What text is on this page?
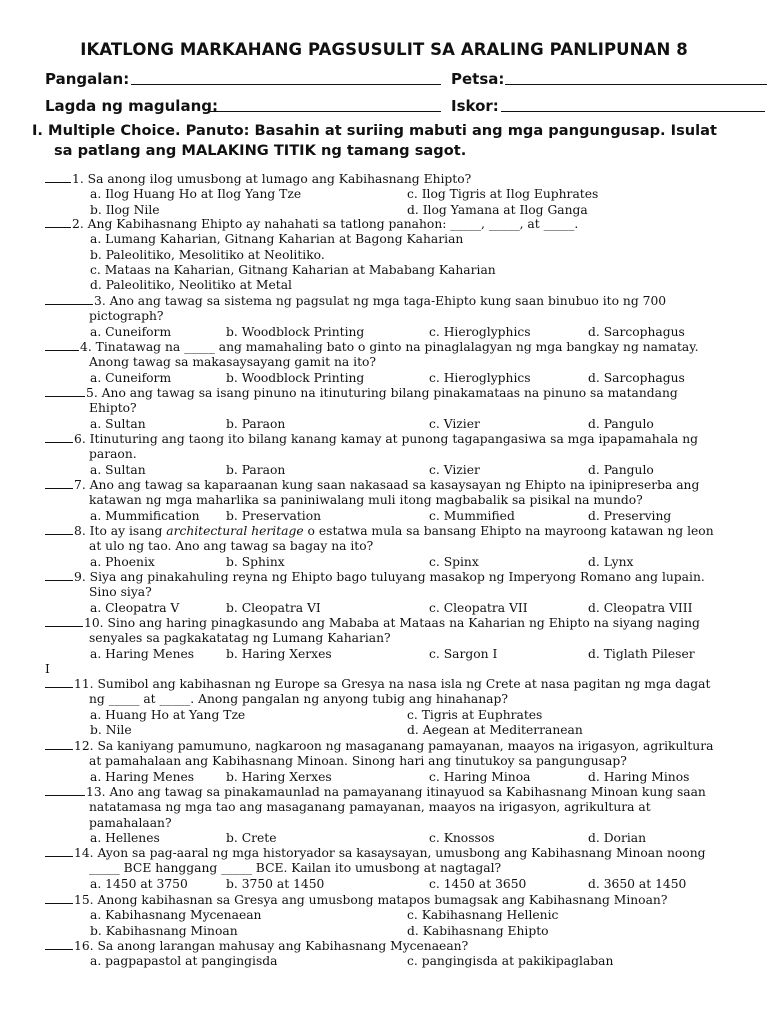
IKATLONG MARKAHANG PAGSUSULIT SA ARALING PANLIPUNAN 8
Pangalan:	Petsa:
Lagda ng magulang:	Iskor:
I. Multiple Choice. Panuto: Basahin at suriing mabuti ang mga pangungusap. Isulat
sa patlang ang MALAKING TITIK ng tamang sagot.
1. Sa anong ilog umusbong at lumago ang Kabihasnang Ehipto?
a. Ilog Huang Ho at Ilog Yang Tze	c. Ilog Tigris at Ilog Euphrates
b. Ilog Nile	d. Ilog Yamana at Ilog Ganga
2. Ang Kabihasnang Ehipto ay nahahati sa tatlong panahon: _____, _____, at _____.
a. Lumang Kaharian, Gitnang Kaharian at Bagong Kaharian
b. Paleolitiko, Mesolitiko at Neolitiko.
c. Mataas na Kaharian, Gitnang Kaharian at Mababang Kaharian
d. Paleolitiko, Neolitiko at Metal
3. Ano ang tawag sa sistema ng pagsulat ng mga taga-Ehipto kung saan binubuo ito ng 700
pictograph?
a. Cuneiform	b. Woodblock Printing	c. Hieroglyphics	d. Sarcophagus
4. Tinatawag na _____ ang mamahaling bato o ginto na pinaglalagyan ng mga bangkay ng namatay.
Anong tawag sa makasaysayang gamit na ito?
a. Cuneiform	b. Woodblock Printing	c. Hieroglyphics	d. Sarcophagus
5. Ano ang tawag sa isang pinuno na itinuturing bilang pinakamataas na pinuno sa matandang
Ehipto?
a. Sultan	b. Paraon	c. Vizier	d. Pangulo
6. Itinuturing ang taong ito bilang kanang kamay at punong tagapangasiwa sa mga ipapamahala ng
paraon.
a. Sultan	b. Paraon	c. Vizier	d. Pangulo
7. Ano ang tawag sa kaparaanan kung saan nakasaad sa kasaysayan ng Ehipto na ipinipreserba ang
katawan ng mga maharlika sa paniniwalang muli itong magbabalik sa pisikal na mundo?
a. Mummification b. Preservation	c. Mummified	d. Preserving
8. Ito ay isang architectural heritage o estatwa mula sa bansang Ehipto na mayroong katawan ng leon
at ulo ng tao. Ano ang tawag sa bagay na ito?
a. Phoenix	b. Sphinx	c. Spinx	d. Lynx
9. Siya ang pinakahuling reyna ng Ehipto bago tuluyang masakop ng Imperyong Romano ang lupain.
Sino siya?
a. Cleopatra V	b. Cleopatra VI	c. Cleopatra VII	d. Cleopatra VIII
10. Sino ang haring pinagkasundo ang Mababa at Mataas na Kaharian ng Ehipto na siyang naging
senyales sa pagkakatatag ng Lumang Kaharian?
a. Haring Menes	b. Haring Xerxes	c. Sargon I	d. Tiglath Pileser
I
11. Sumibol ang kabihasnan ng Europe sa Gresya na nasa isla ng Crete at nasa pagitan ng mga dagat
ng _____ at _____. Anong pangalan ng anyong tubig ang hinahanap?
a. Huang Ho at Yang Tze	c. Tigris at Euphrates
b. Nile	d. Aegean at Mediterranean
12. Sa kaniyang pamumuno, nagkaroon ng masaganang pamayanan, maayos na irigasyon, agrikultura
at pamahalaan ang Kabihasnang Minoan. Sinong hari ang tinutukoy sa pangungusap?
a. Haring Menes	b. Haring Xerxes	c. Haring Minoa	d. Haring Minos
13. Ano ang tawag sa pinakamaunlad na pamayanang itinayuod sa Kabihasnang Minoan kung saan
natatamasa ng mga tao ang masaganang pamayanan, maayos na irigasyon, agrikultura at
pamahalaan?
a. Hellenes	b. Crete	c. Knossos	d. Dorian
14. Ayon sa pag-aaral ng mga historyador sa kasaysayan, umusbong ang Kabihasnang Minoan noong
_____ BCE hanggang _____ BCE. Kailan ito umusbong at nagtagal?
a. 1450 at 3750	b. 3750 at 1450	c. 1450 at 3650	d. 3650 at 1450
15. Anong kabihasnan sa Gresya ang umusbong matapos bumagsak ang Kabihasnang Minoan?
a. Kabihasnang Mycenaean	c. Kabihasnang Hellenic
b. Kabihasnang Minoan	d. Kabihasnang Ehipto
16. Sa anong larangan mahusay ang Kabihasnang Mycenaean?
a. pagpapastol at pangingisda	c. pangingisda at pakikipaglaban
